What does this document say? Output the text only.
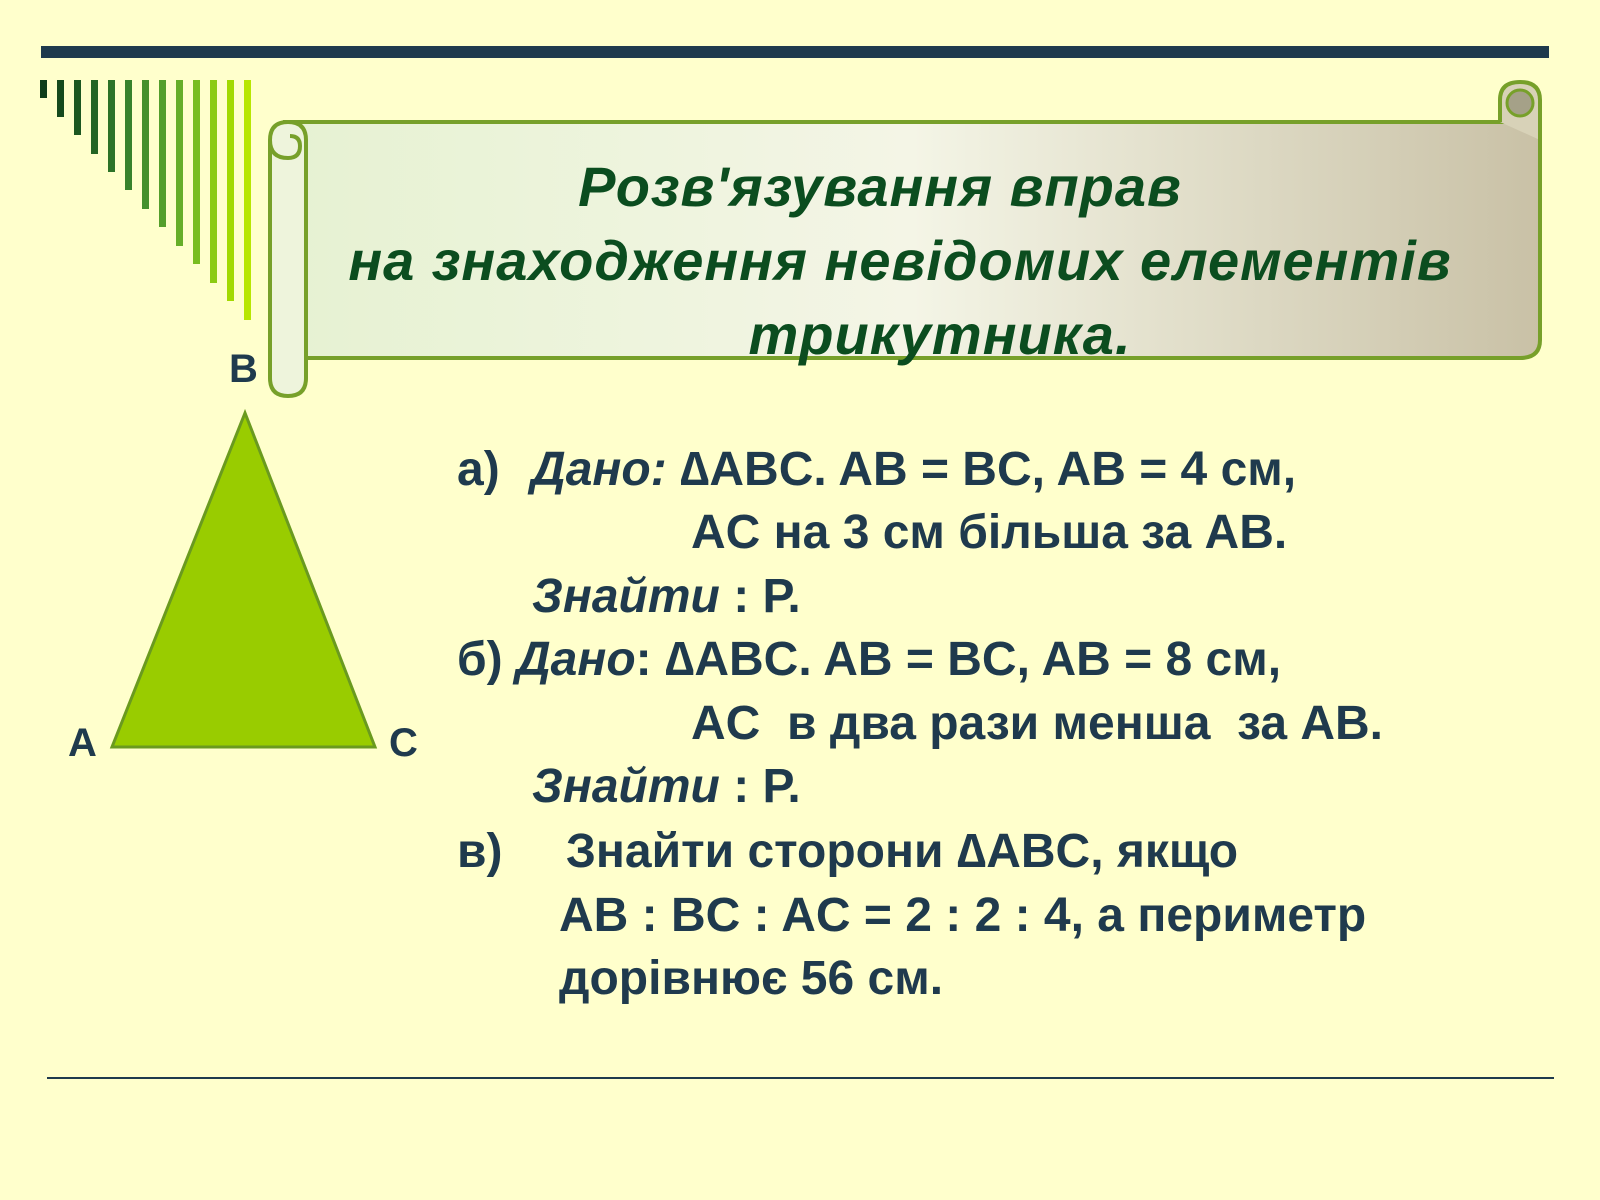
Розв'язування вправ
на знаходження невідомих елементів
трикутника.
B
A	C
а) Дано: ∆ABC. AB = BC, AB = 4 см,
AC на 3 см більша за AB.
Знайти : Р.
б) Дано: ∆ABC. AB = BC, AB = 8 см,
AC  в два рази менша  за AB.
Знайти : Р.
в) Знайти сторони ∆ABC, якщо
AB : BC : AC = 2 : 2 : 4, а периметр
дорівнює 56 см.
